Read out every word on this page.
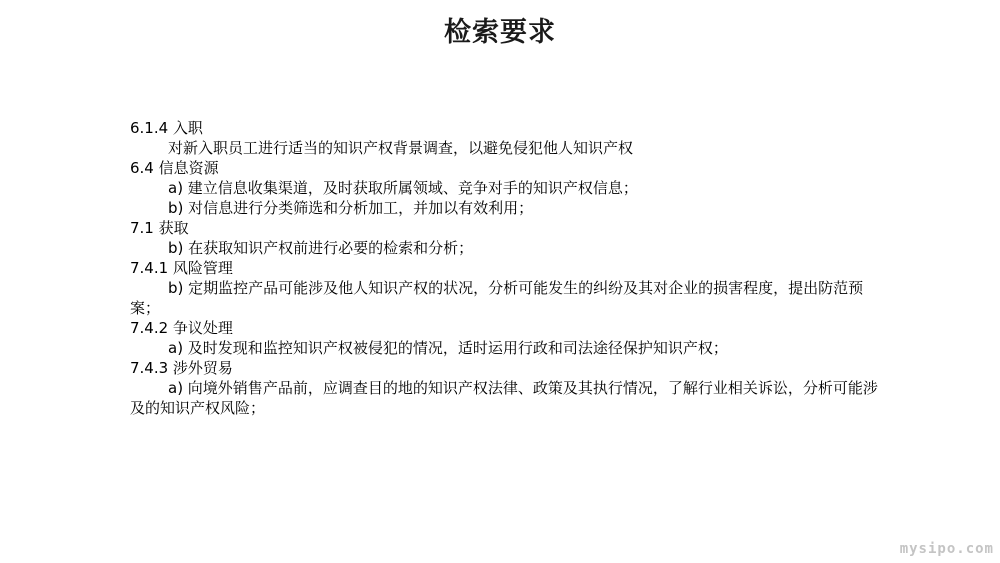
检索要求

6.1.4 入职

对新入职员工进行适当的知识产权背景调查，以避免侵犯他人知识产权

6.4 信息资源

a) 建立信息收集渠道，及时获取所属领域、竞争对手的知识产权信息；

b) 对信息进行分类筛选和分析加工，并加以有效利用；

7.1 获取

b) 在获取知识产权前进行必要的检索和分析；

7.4.1 风险管理

b) 定期监控产品可能涉及他人知识产权的状况，分析可能发生的纠纷及其对企业的损害程度，提出防范预案；

7.4.2 争议处理

a) 及时发现和监控知识产权被侵犯的情况，适时运用行政和司法途径保护知识产权；

7.4.3 涉外贸易

a) 向境外销售产品前，应调查目的地的知识产权法律、政策及其执行情况，了解行业相关诉讼，分析可能涉及的知识产权风险；

mysipo.com
